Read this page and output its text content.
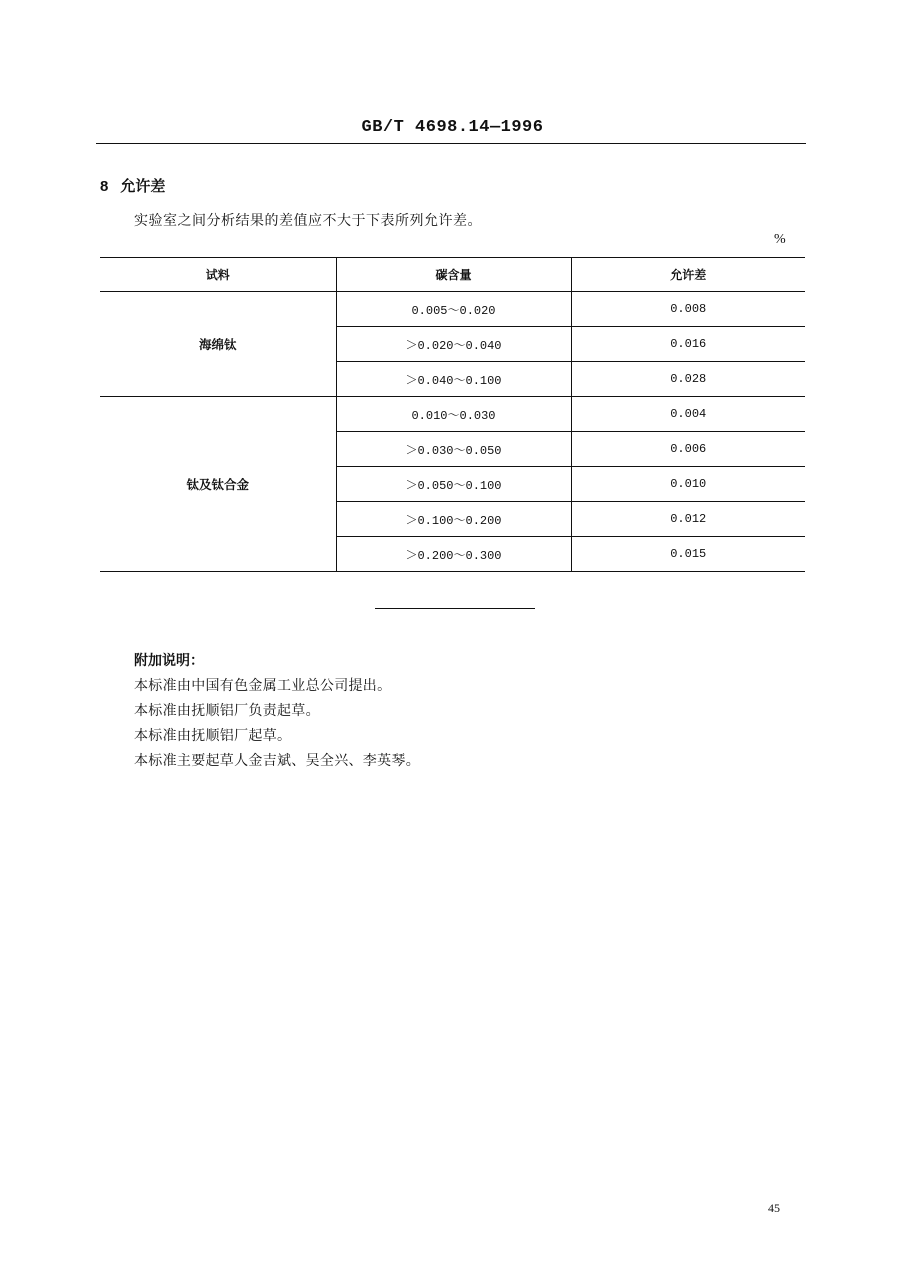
GB/T 4698.14—1996
8 允许差
实验室之间分析结果的差值应不大于下表所列允许差。
%
试料	碳含量	允许差
海绵钛	0.005～0.020	0.008
	＞0.020～0.040	0.016
	＞0.040～0.100	0.028
钛及钛合金	0.010～0.030	0.004
	＞0.030～0.050	0.006
	＞0.050～0.100	0.010
	＞0.100～0.200	0.012
	＞0.200～0.300	0.015
附加说明：
本标准由中国有色金属工业总公司提出。
本标准由抚顺铝厂负责起草。
本标准由抚顺铝厂起草。
本标准主要起草人金吉斌、吴全兴、李英琴。
45
